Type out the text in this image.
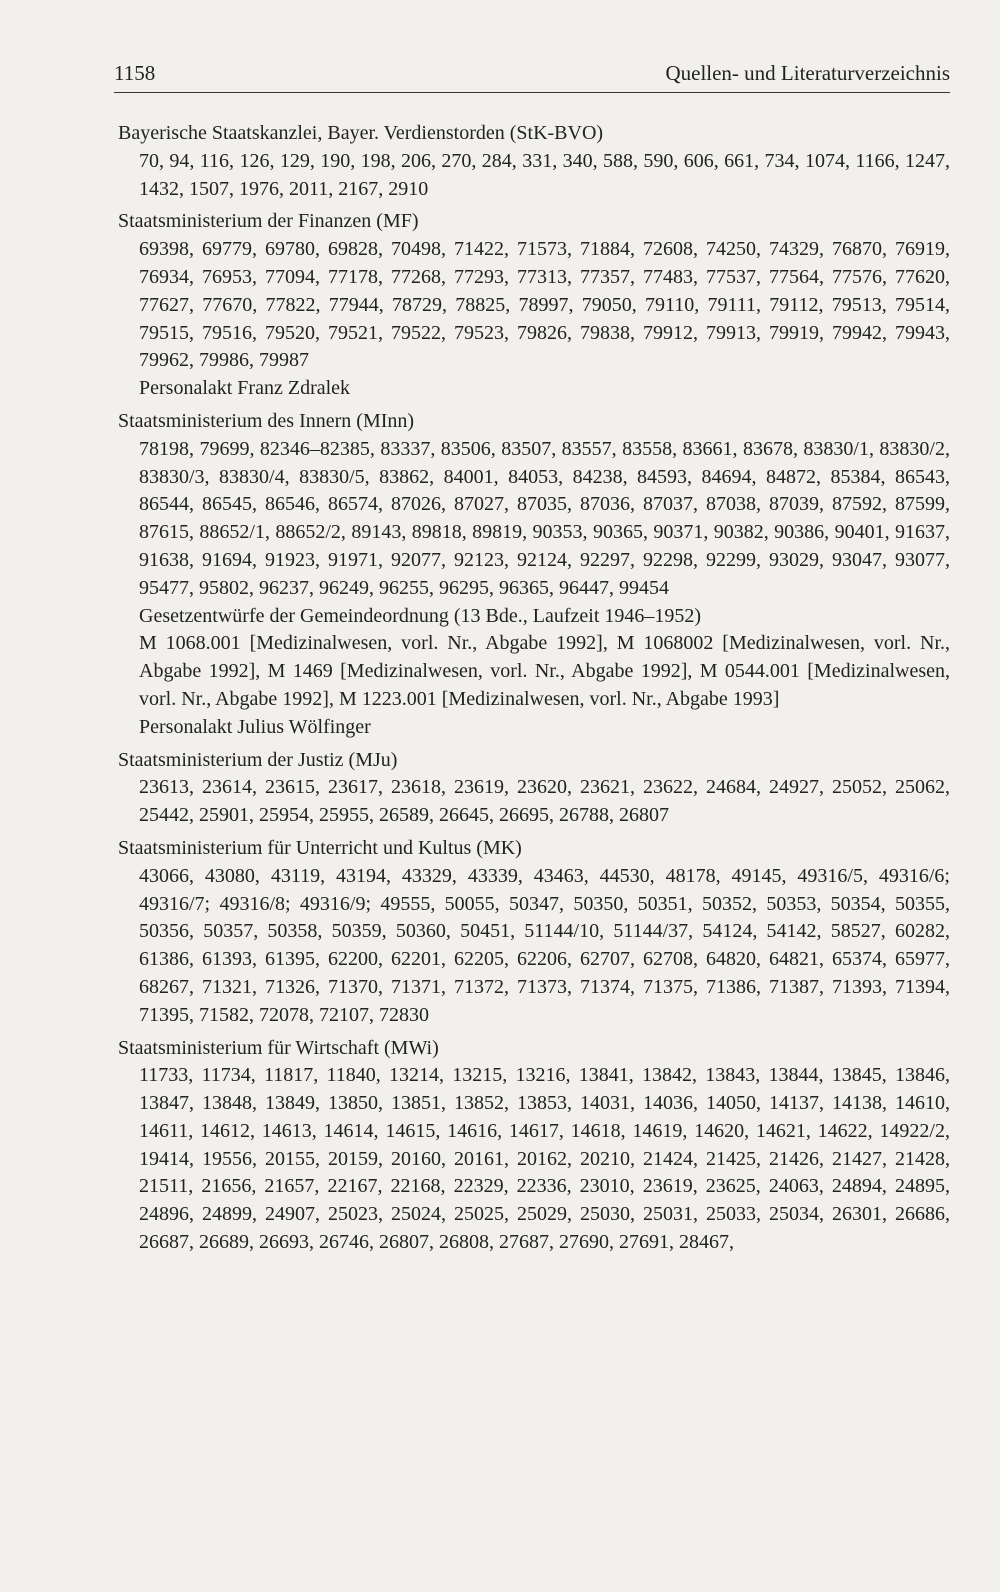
1158	Quellen- und Literaturverzeichnis
Bayerische Staatskanzlei, Bayer. Verdienstorden (StK-BVO)
70, 94, 116, 126, 129, 190, 198, 206, 270, 284, 331, 340, 588, 590, 606, 661, 734, 1074, 1166, 1247, 1432, 1507, 1976, 2011, 2167, 2910
Staatsministerium der Finanzen (MF)
69398, 69779, 69780, 69828, 70498, 71422, 71573, 71884, 72608, 74250, 74329, 76870, 76919, 76934, 76953, 77094, 77178, 77268, 77293, 77313, 77357, 77483, 77537, 77564, 77576, 77620, 77627, 77670, 77822, 77944, 78729, 78825, 78997, 79050, 79110, 79111, 79112, 79513, 79514, 79515, 79516, 79520, 79521, 79522, 79523, 79826, 79838, 79912, 79913, 79919, 79942, 79943, 79962, 79986, 79987
Personalakt Franz Zdralek
Staatsministerium des Innern (MInn)
78198, 79699, 82346–82385, 83337, 83506, 83507, 83557, 83558, 83661, 83678, 83830/1, 83830/2, 83830/3, 83830/4, 83830/5, 83862, 84001, 84053, 84238, 84593, 84694, 84872, 85384, 86543, 86544, 86545, 86546, 86574, 87026, 87027, 87035, 87036, 87037, 87038, 87039, 87592, 87599, 87615, 88652/1, 88652/2, 89143, 89818, 89819, 90353, 90365, 90371, 90382, 90386, 90401, 91637, 91638, 91694, 91923, 91971, 92077, 92123, 92124, 92297, 92298, 92299, 93029, 93047, 93077, 95477, 95802, 96237, 96249, 96255, 96295, 96365, 96447, 99454
Gesetzentwürfe der Gemeindeordnung (13 Bde., Laufzeit 1946–1952)
M 1068.001 [Medizinalwesen, vorl. Nr., Abgabe 1992], M 1068002 [Medizinalwesen, vorl. Nr., Abgabe 1992], M 1469 [Medizinalwesen, vorl. Nr., Abgabe 1992], M 0544.001 [Medizinalwesen, vorl. Nr., Abgabe 1992], M 1223.001 [Medizinalwesen, vorl. Nr., Abgabe 1993]
Personalakt Julius Wölfinger
Staatsministerium der Justiz (MJu)
23613, 23614, 23615, 23617, 23618, 23619, 23620, 23621, 23622, 24684, 24927, 25052, 25062, 25442, 25901, 25954, 25955, 26589, 26645, 26695, 26788, 26807
Staatsministerium für Unterricht und Kultus (MK)
43066, 43080, 43119, 43194, 43329, 43339, 43463, 44530, 48178, 49145, 49316/5, 49316/6; 49316/7; 49316/8; 49316/9; 49555, 50055, 50347, 50350, 50351, 50352, 50353, 50354, 50355, 50356, 50357, 50358, 50359, 50360, 50451, 51144/10, 51144/37, 54124, 54142, 58527, 60282, 61386, 61393, 61395, 62200, 62201, 62205, 62206, 62707, 62708, 64820, 64821, 65374, 65977, 68267, 71321, 71326, 71370, 71371, 71372, 71373, 71374, 71375, 71386, 71387, 71393, 71394, 71395, 71582, 72078, 72107, 72830
Staatsministerium für Wirtschaft (MWi)
11733, 11734, 11817, 11840, 13214, 13215, 13216, 13841, 13842, 13843, 13844, 13845, 13846, 13847, 13848, 13849, 13850, 13851, 13852, 13853, 14031, 14036, 14050, 14137, 14138, 14610, 14611, 14612, 14613, 14614, 14615, 14616, 14617, 14618, 14619, 14620, 14621, 14622, 14922/2, 19414, 19556, 20155, 20159, 20160, 20161, 20162, 20210, 21424, 21425, 21426, 21427, 21428, 21511, 21656, 21657, 22167, 22168, 22329, 22336, 23010, 23619, 23625, 24063, 24894, 24895, 24896, 24899, 24907, 25023, 25024, 25025, 25029, 25030, 25031, 25033, 25034, 26301, 26686, 26687, 26689, 26693, 26746, 26807, 26808, 27687, 27690, 27691, 28467,
